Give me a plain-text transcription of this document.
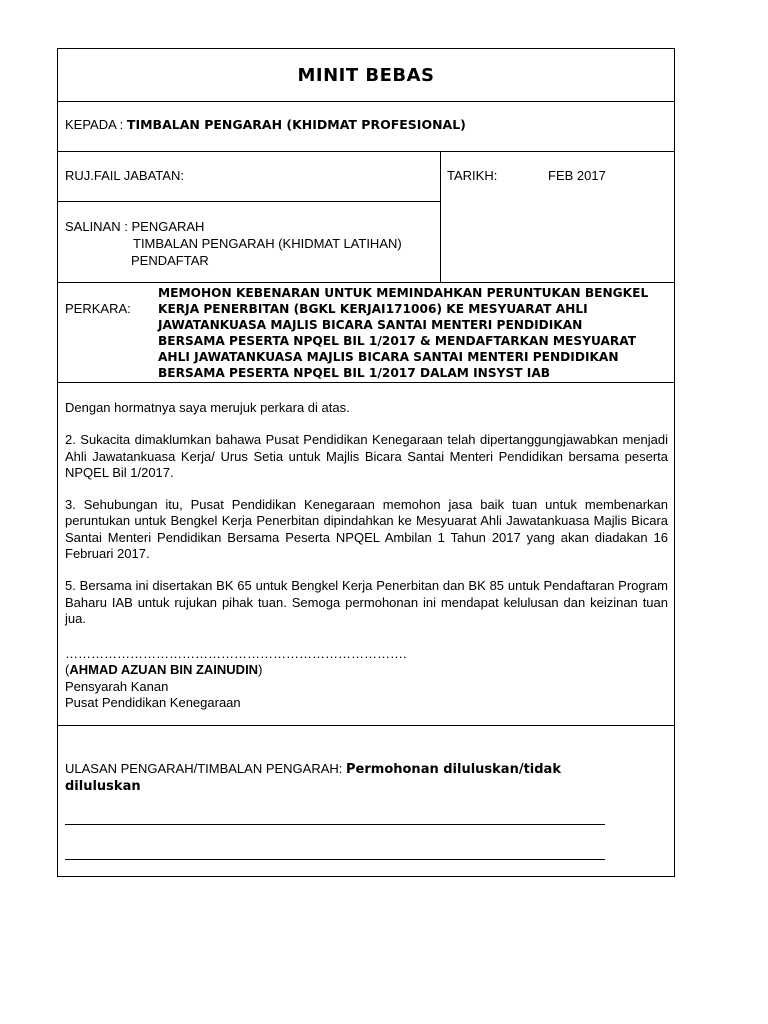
MINIT BEBAS
KEPADA : TIMBALAN PENGARAH (KHIDMAT PROFESIONAL)
RUJ.FAIL JABATAN:	TARIKH:	FEB 2017
SALINAN : PENGARAH
TIMBALAN PENGARAH (KHIDMAT LATIHAN)
PENDAFTAR
PERKARA:
MEMOHON KEBENARAN UNTUK MEMINDAHKAN PERUNTUKAN BENGKEL
KERJA PENERBITAN (BGKL KERJAI171006) KE MESYUARAT AHLI
JAWATANKUASA MAJLIS BICARA SANTAI MENTERI PENDIDIKAN
BERSAMA PESERTA NPQEL BIL 1/2017 & MENDAFTARKAN MESYUARAT
AHLI JAWATANKUASA MAJLIS BICARA SANTAI MENTERI PENDIDIKAN
BERSAMA PESERTA NPQEL BIL 1/2017 DALAM INSYST IAB

Dengan hormatnya saya merujuk perkara di atas.

2. Sukacita dimaklumkan bahawa Pusat Pendidikan Kenegaraan telah dipertanggungjawabkan menjadi Ahli Jawatankuasa Kerja/ Urus Setia untuk Majlis Bicara Santai Menteri Pendidikan bersama peserta NPQEL Bil 1/2017.

3. Sehubungan itu, Pusat Pendidikan Kenegaraan memohon jasa baik tuan untuk membenarkan peruntukan untuk Bengkel Kerja Penerbitan dipindahkan ke Mesyuarat Ahli Jawatankuasa Majlis Bicara Santai Menteri Pendidikan Bersama Peserta NPQEL Ambilan 1 Tahun 2017 yang akan diadakan 16 Februari 2017.

5. Bersama ini disertakan BK 65 untuk Bengkel Kerja Penerbitan dan BK 85 untuk Pendaftaran Program Baharu IAB untuk rujukan pihak tuan. Semoga permohonan ini mendapat kelulusan dan keizinan tuan jua.

…………………………………………………………………….
(AHMAD AZUAN BIN ZAINUDIN)
Pensyarah Kanan
Pusat Pendidikan Kenegaraan
ULASAN PENGARAH/TIMBALAN PENGARAH: Permohonan diluluskan/tidak diluluskan
